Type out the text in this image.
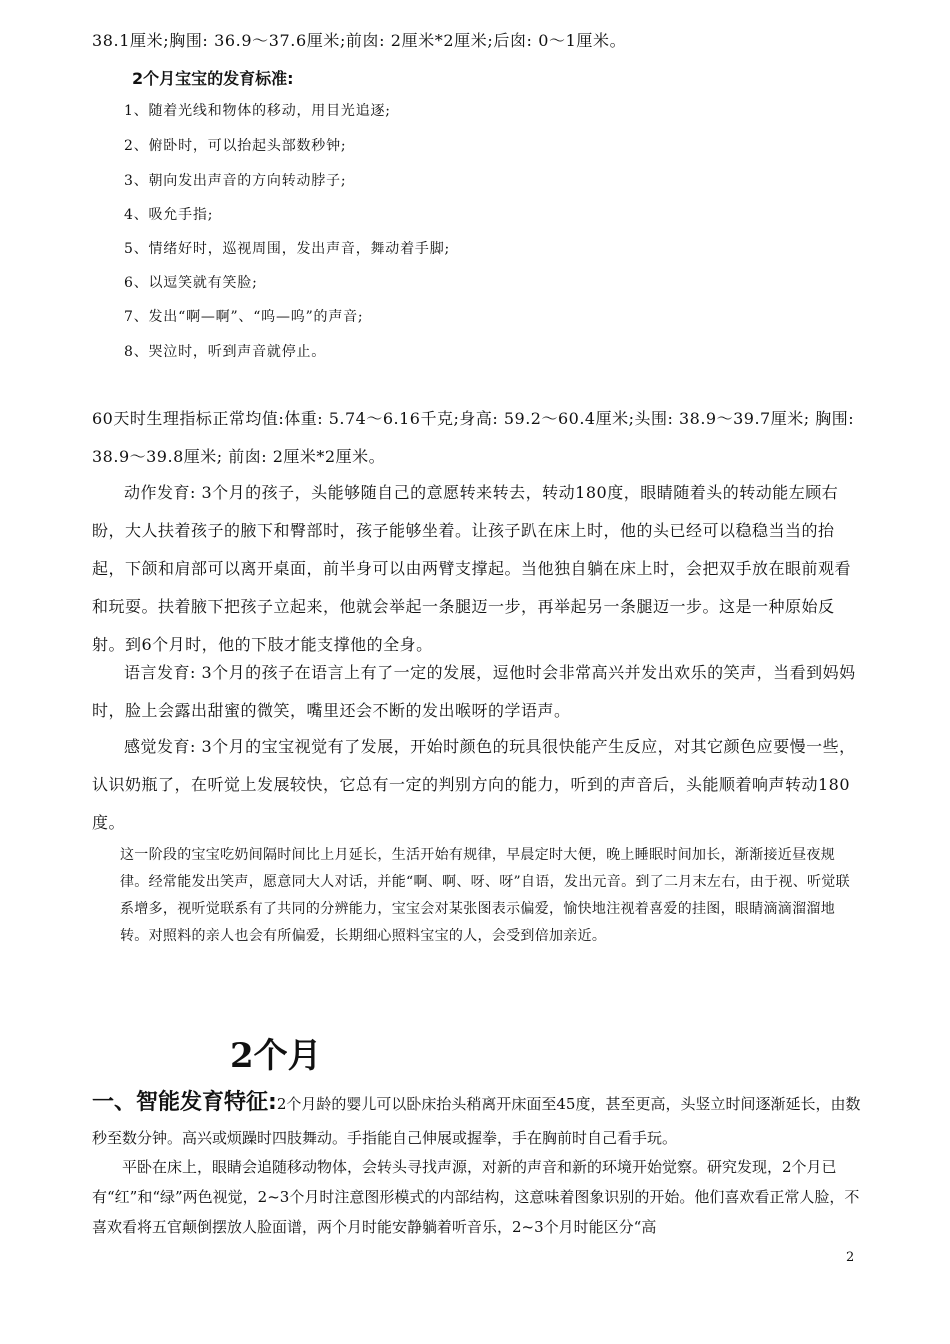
38.1厘米;胸围: 36.9～37.6厘米;前囱: 2厘米*2厘米;后囱: 0～1厘米。
2个月宝宝的发育标准:
1、随着光线和物体的移动，用目光追逐;
2、俯卧时，可以抬起头部数秒钟;
3、朝向发出声音的方向转动脖子;
4、吸允手指;
5、情绪好时，巡视周围，发出声音，舞动着手脚;
6、以逗笑就有笑脸;
7、发出“啊—啊”、“呜—呜”的声音;
8、哭泣时，听到声音就停止。
60天时生理指标正常均值:体重: 5.74～6.16千克;身高: 59.2～60.4厘米;头围: 38.9～39.7厘米; 胸围: 38.9～39.8厘米; 前囱: 2厘米*2厘米。
动作发育: 3个月的孩子，头能够随自己的意愿转来转去，转动180度，眼睛随着头的转动能左顾右盼，大人扶着孩子的腋下和臀部时，孩子能够坐着。让孩子趴在床上时，他的头已经可以稳稳当当的抬起，下颌和肩部可以离开桌面，前半身可以由两臂支撑起。当他独自躺在床上时，会把双手放在眼前观看和玩耍。扶着腋下把孩子立起来，他就会举起一条腿迈一步，再举起另一条腿迈一步。这是一种原始反射。到6个月时，他的下肢才能支撑他的全身。
语言发育: 3个月的孩子在语言上有了一定的发展，逗他时会非常高兴并发出欢乐的笑声，当看到妈妈时，脸上会露出甜蜜的微笑，嘴里还会不断的发出喉呀的学语声。
感觉发育: 3个月的宝宝视觉有了发展，开始时颜色的玩具很快能产生反应，对其它颜色应要慢一些，认识奶瓶了，在听觉上发展较快，它总有一定的判别方向的能力，听到的声音后，头能顺着响声转动180度。
这一阶段的宝宝吃奶间隔时间比上月延长，生活开始有规律，早晨定时大便，晚上睡眠时间加长，渐渐接近昼夜规律。经常能发出笑声，愿意同大人对话，并能“啊、啊、呀、呀”自语，发出元音。到了二月末左右，由于视、听觉联系增多，视听觉联系有了共同的分辨能力，宝宝会对某张图表示偏爱，愉快地注视着喜爱的挂图，眼睛滴滴溜溜地转。对照料的亲人也会有所偏爱，长期细心照料宝宝的人，会受到倍加亲近。
2个月
一、智能发育特征:2个月龄的婴儿可以卧床抬头稍离开床面至45度，甚至更高，头竖立时间逐渐延长，由数秒至数分钟。高兴或烦躁时四肢舞动。手指能自己伸展或握拳，手在胸前时自己看手玩。
平卧在床上，眼睛会追随移动物体，会转头寻找声源，对新的声音和新的环境开始觉察。研究发现，2个月已有“红”和“绿”两色视觉，2~3个月时注意图形模式的内部结构，这意味着图象识别的开始。他们喜欢看正常人脸，不喜欢看将五官颠倒摆放人脸面谱，两个月时能安静躺着听音乐，2~3个月时能区分“高
2
